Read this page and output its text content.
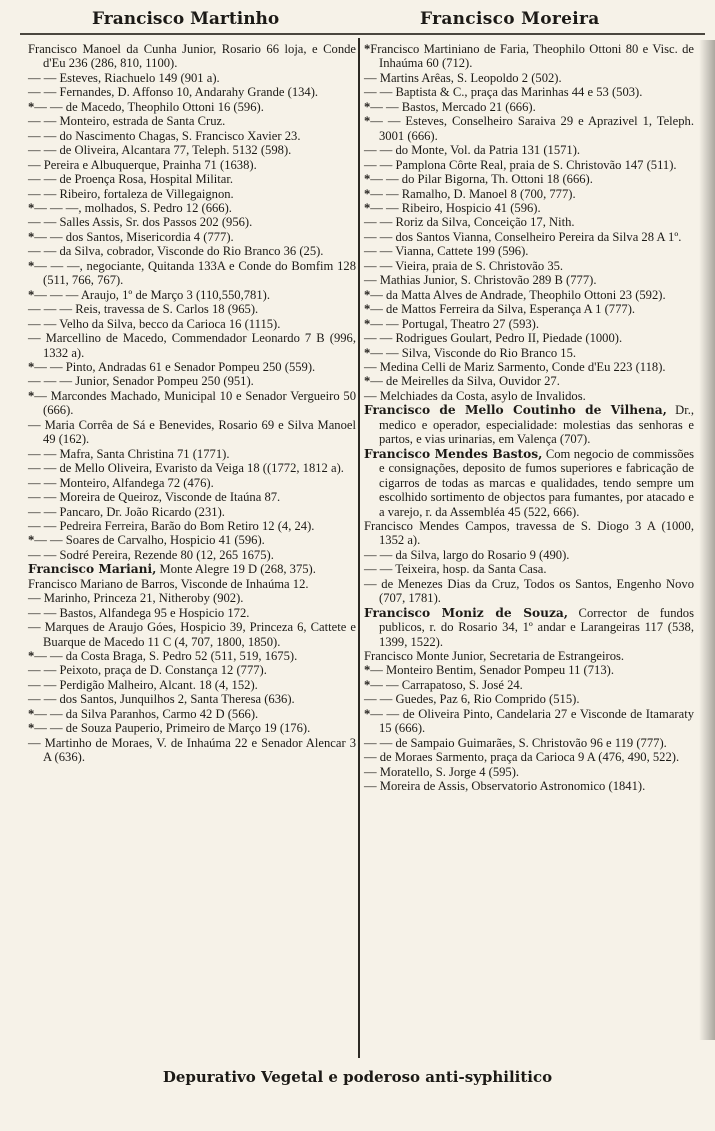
Francisco Martinho	Francisco Moreira

Francisco Manoel da Cunha Junior, Rosario 66 loja, e Conde d'Eu 236 (286, 810, 1100).

— — Esteves, Riachuelo 149 (901 a).

— — Fernandes, D. Affonso 10, Andarahy Grande (134).

*— — de Macedo, Theophilo Ottoni 16 (596).

— — Monteiro, estrada de Santa Cruz.

— — do Nascimento Chagas, S. Francisco Xavier 23.

— — de Oliveira, Alcantara 77, Teleph. 5132 (598).

— Pereira e Albuquerque, Prainha 71 (1638).

— — de Proença Rosa, Hospital Militar.

— — Ribeiro, fortaleza de Villegaignon.

*— — —, molhados, S. Pedro 12 (666).

— — Salles Assis, Sr. dos Passos 202 (956).

*— — dos Santos, Misericordia 4 (777).

— — da Silva, cobrador, Visconde do Rio Branco 36 (25).

*— — —, negociante, Quitanda 133A e Conde do Bomfim 128 (511, 766, 767).

*— — — Araujo, 1º de Março 3 (110,550,781).

— — — Reis, travessa de S. Carlos 18 (965).

— — Velho da Silva, becco da Carioca 16 (1115).

— Marcellino de Macedo, Commendador Leonardo 7 B (996, 1332 a).

*— — Pinto, Andradas 61 e Senador Pompeu 250 (559).

— — — Junior, Senador Pompeu 250 (951).

*— Marcondes Machado, Municipal 10 e Senador Vergueiro 50 (666).

— Maria Corrêa de Sá e Benevides, Rosario 69 e Silva Manoel 49 (162).

— — Mafra, Santa Christina 71 (1771).

— — de Mello Oliveira, Evaristo da Veiga 18 ((1772, 1812 a).

— — Monteiro, Alfandega 72 (476).

— — Moreira de Queiroz, Visconde de Itaúna 87.

— — Pancaro, Dr. João Ricardo (231).

— — Pedreira Ferreira, Barão do Bom Retiro 12 (4, 24).

*— — Soares de Carvalho, Hospicio 41 (596).

— — Sodré Pereira, Rezende 80 (12, 265 1675).

Francisco Mariani, Monte Alegre 19 D (268, 375).

Francisco Mariano de Barros, Visconde de Inhaúma 12.

— Marinho, Princeza 21, Nitheroby (902).

— — Bastos, Alfandega 95 e Hospicio 172.

— Marques de Araujo Góes, Hospicio 39, Princeza 6, Cattete e Buarque de Macedo 11 C (4, 707, 1800, 1850).

*— — da Costa Braga, S. Pedro 52 (511, 519, 1675).

— — Peixoto, praça de D. Constança 12 (777).

— — Perdigão Malheiro, Alcant. 18 (4, 152).

— — dos Santos, Junquilhos 2, Santa Theresa (636).

*— — da Silva Paranhos, Carmo 42 D (566).

*— — de Souza Pauperio, Primeiro de Março 19 (176).

— Martinho de Moraes, V. de Inhaúma 22 e Senador Alencar 3 A (636).

*Francisco Martiniano de Faria, Theophilo Ottoni 80 e Visc. de Inhaúma 60 (712).

— Martins Arêas, S. Leopoldo 2 (502).

— — Baptista & C., praça das Marinhas 44 e 53 (503).

*— — Bastos, Mercado 21 (666).

*— — Esteves, Conselheiro Saraiva 29 e Aprazivel 1, Teleph. 3001 (666).

— — do Monte, Vol. da Patria 131 (1571).

— — Pamplona Côrte Real, praia de S. Christovão 147 (511).

*— — do Pilar Bigorna, Th. Ottoni 18 (666).

*— — Ramalho, D. Manoel 8 (700, 777).

*— — Ribeiro, Hospicio 41 (596).

— — Roriz da Silva, Conceição 17, Nith.

— — dos Santos Vianna, Conselheiro Pereira da Silva 28 A 1º.

— — Vianna, Cattete 199 (596).

— — Vieira, praia de S. Christovão 35.

— Mathias Junior, S. Christovão 289 B (777).

*— da Matta Alves de Andrade, Theophilo Ottoni 23 (592).

*— de Mattos Ferreira da Silva, Esperança A 1 (777).

*— — Portugal, Theatro 27 (593).

— — Rodrigues Goulart, Pedro II, Piedade (1000).

*— — Silva, Visconde do Rio Branco 15.

— Medina Celli de Mariz Sarmento, Conde d'Eu 223 (118).

*— de Meirelles da Silva, Ouvidor 27.

— Melchiades da Costa, asylo de Invalidos.

Francisco de Mello Coutinho de Vilhena, Dr., medico e operador, especialidade: molestias das senhoras e partos, e vias urinarias, em Valença (707).

Francisco Mendes Bastos, Com negocio de commissões e consignações, deposito de fumos superiores e fabricação de cigarros de todas as marcas e qualidades, tendo sempre um escolhido sortimento de objectos para fumantes, por atacado e a varejo, r. da Assembléa 45 (522, 666).

Francisco Mendes Campos, travessa de S. Diogo 3 A (1000, 1352 a).

— — da Silva, largo do Rosario 9 (490).

— — Teixeira, hosp. da Santa Casa.

— de Menezes Dias da Cruz, Todos os Santos, Engenho Novo (707, 1781).

Francisco Moniz de Souza, Corrector de fundos publicos, r. do Rosario 34, 1º andar e Larangeiras 117 (538, 1399, 1522).

Francisco Monte Junior, Secretaria de Estrangeiros.

*— Monteiro Bentim, Senador Pompeu 11 (713).

*— — Carrapatoso, S. José 24.

— — Guedes, Paz 6, Rio Comprido (515).

*— — de Oliveira Pinto, Candelaria 27 e Visconde de Itamaraty 15 (666).

— — de Sampaio Guimarães, S. Christovão 96 e 119 (777).

— de Moraes Sarmento, praça da Carioca 9 A (476, 490, 522).

— Moratello, S. Jorge 4 (595).

— Moreira de Assis, Observatorio Astronomico (1841).

Depurativo Vegetal e poderoso anti-syphilitico
